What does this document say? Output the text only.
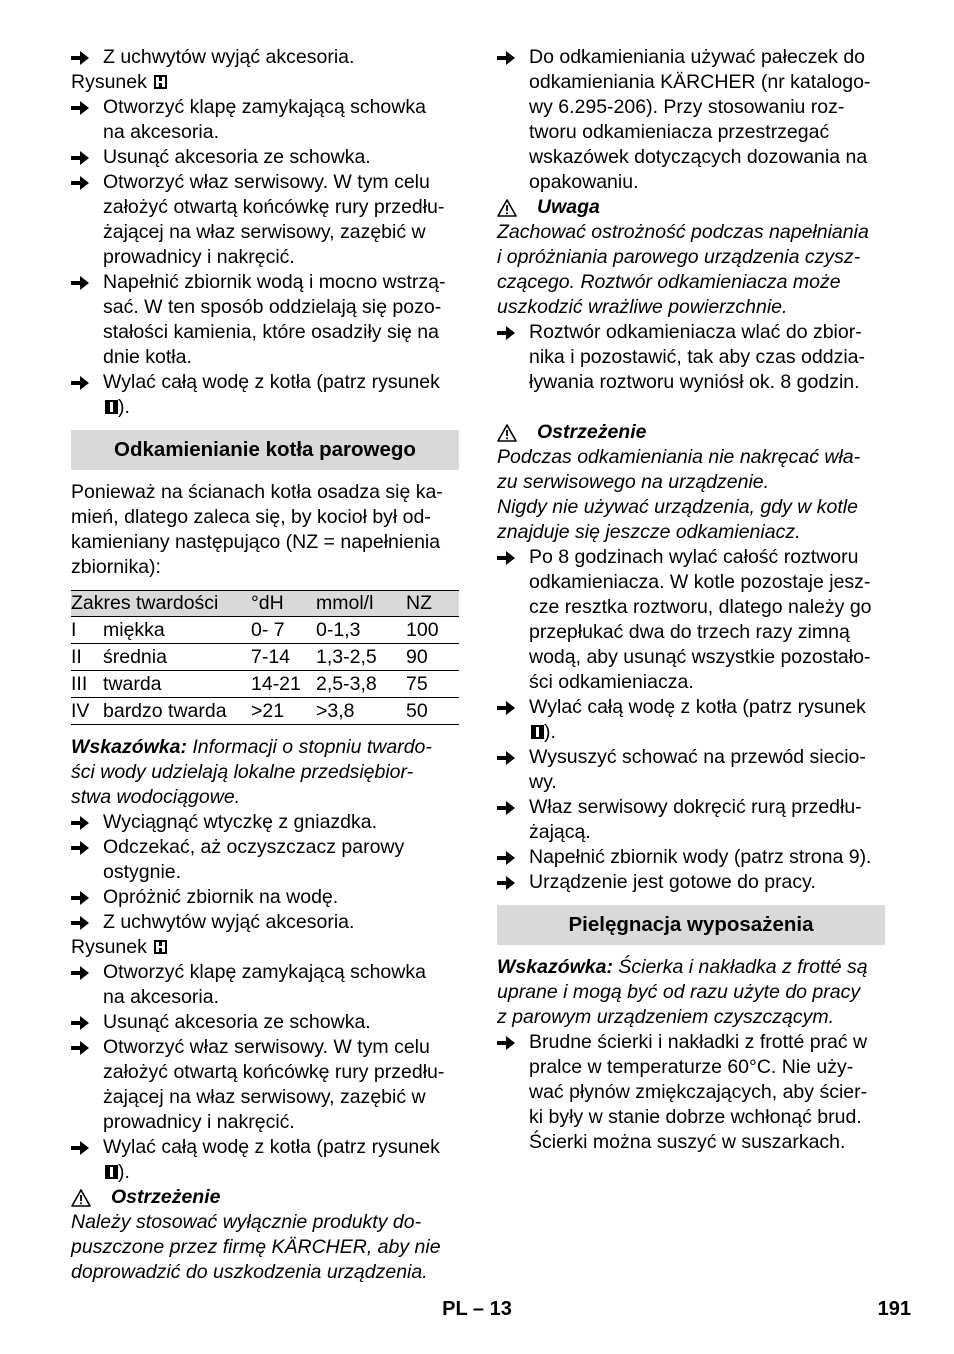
Z uchwytów wyjąć akcesoria.
Rysunek
Otworzyć klapę zamykającą schowka
na akcesoria.
Usunąć akcesoria ze schowka.
Otworzyć właz serwisowy. W tym celu
założyć otwartą końcówkę rury przedłu-
żającej na właz serwisowy, zazębić w
prowadnicy i nakręcić.
Napełnić zbiornik wodą i mocno wstrzą-
sać. W ten sposób oddzielają się pozo-
stałości kamienia, które osadziły się na
dnie kotła.
Wylać całą wodę z kotła (patrz rysunek
).
Odkamienianie kotła parowego
Ponieważ na ścianach kotła osadza się ka-
mień, dlatego zaleca się, by kocioł był od-
kamieniany następująco (NZ = napełnienia
zbiornika):
Zakres twardości		°dH	mmol/l	NZ
I	miękka	0- 7	0-1,3	100
II	średnia	7-14	1,3-2,5	90
III	twarda	14-21	2,5-3,8	75
IV	bardzo twarda	>21	>3,8	50
Wskazówka: Informacji o stopniu twardo-
ści wody udzielają lokalne przedsiębior-
stwa wodociągowe.
Wyciągnąć wtyczkę z gniazdka.
Odczekać, aż oczyszczacz parowy
ostygnie.
Opróżnić zbiornik na wodę.
Z uchwytów wyjąć akcesoria.
Rysunek
Otworzyć klapę zamykającą schowka
na akcesoria.
Usunąć akcesoria ze schowka.
Otworzyć właz serwisowy. W tym celu
założyć otwartą końcówkę rury przedłu-
żającej na właz serwisowy, zazębić w
prowadnicy i nakręcić.
Wylać całą wodę z kotła (patrz rysunek
).
Ostrzeżenie
Należy stosować wyłącznie produkty do-
puszczone przez firmę KÄRCHER, aby nie
doprowadzić do uszkodzenia urządzenia.
Do odkamieniania używać pałeczek do
odkamieniania KÄRCHER (nr katalogo-
wy 6.295-206). Przy stosowaniu roz-
tworu odkamieniacza przestrzegać
wskazówek dotyczących dozowania na
opakowaniu.
Uwaga
Zachować ostrożność podczas napełniania
i opróżniania parowego urządzenia czysz-
czącego. Roztwór odkamieniacza może
uszkodzić wrażliwe powierzchnie.
Roztwór odkamieniacza wlać do zbior-
nika i pozostawić, tak aby czas oddzia-
ływania roztworu wyniósł ok. 8 godzin.
Ostrzeżenie
Podczas odkamieniania nie nakręcać wła-
zu serwisowego na urządzenie.
Nigdy nie używać urządzenia, gdy w kotle
znajduje się jeszcze odkamieniacz.
Po 8 godzinach wylać całość roztworu
odkamieniacza. W kotle pozostaje jesz-
cze resztka roztworu, dlatego należy go
przepłukać dwa do trzech razy zimną
wodą, aby usunąć wszystkie pozostało-
ści odkamieniacza.
Wylać całą wodę z kotła (patrz rysunek
).
Wysuszyć schować na przewód sieciо-
wy.
Właz serwisowy dokręcić rurą przedłu-
żającą.
Napełnić zbiornik wody (patrz strona 9).
Urządzenie jest gotowe do pracy.
Pielęgnacja wyposażenia
Wskazówka: Ścierka i nakładka z frotté są
uprane i mogą być od razu użyte do pracy
z parowym urządzeniem czyszczącym.
Brudne ścierki i nakładki z frotté prać w
pralce w temperaturze 60°C. Nie uży-
wać płynów zmiękczających, aby ścier-
ki były w stanie dobrze wchłonąć brud.
Ścierki można suszyć w suszarkach.
PL – 13	191
